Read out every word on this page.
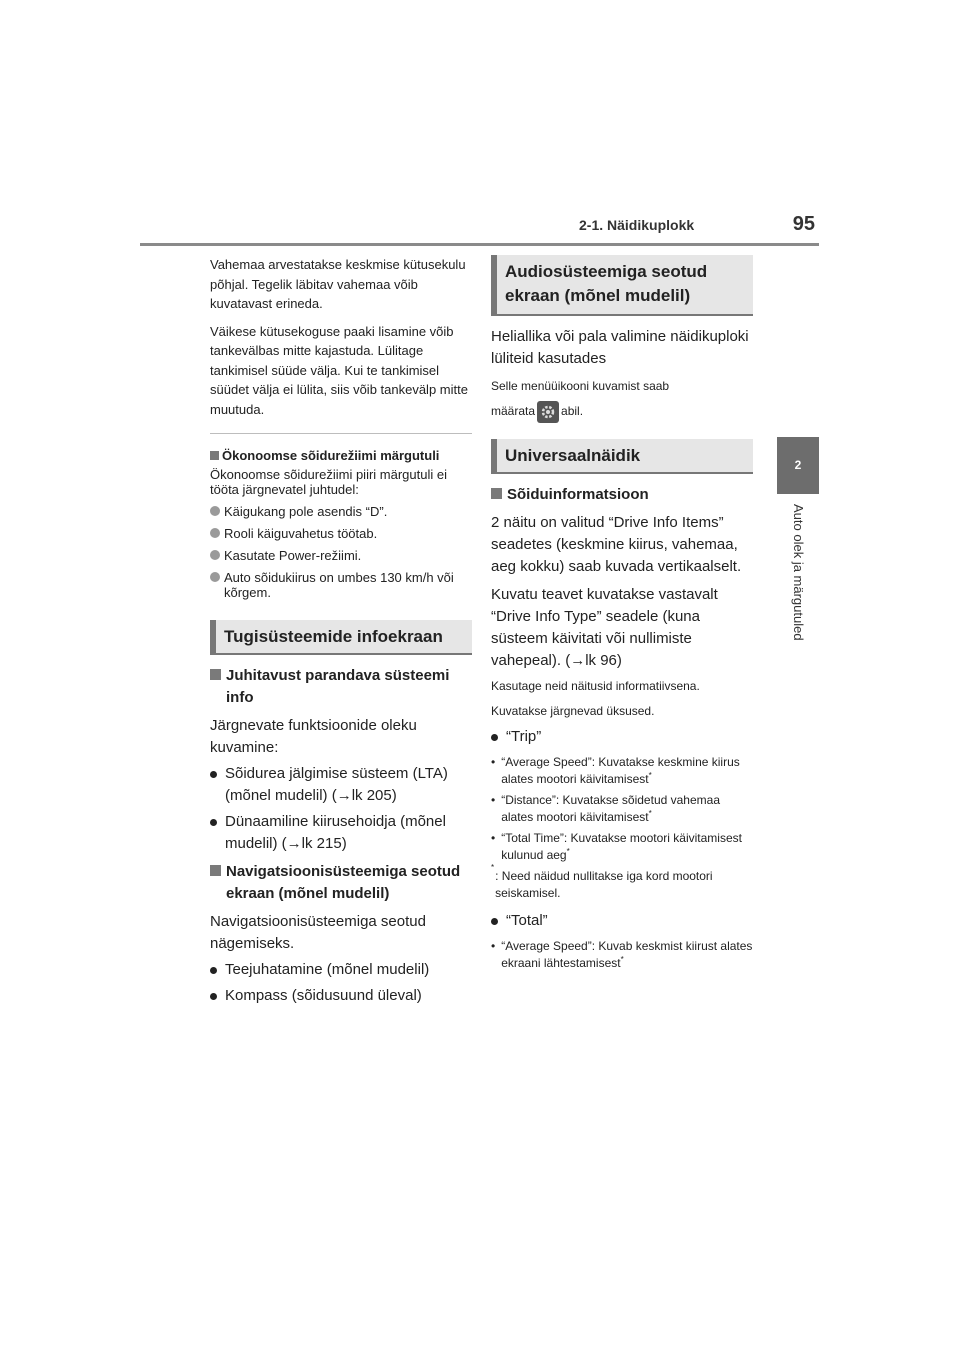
2-1. Näidikuplokk	95
2
Auto olek ja märgutuled

Vahemaa arvestatakse keskmise kütusekulu põhjal. Tegelik läbitav vahemaa võib kuvatavast erineda.

Väikese kütusekoguse paaki lisamine võib tankevälbas mitte kajastuda. Lülitage tankimisel süüde välja. Kui te tankimisel süüdet välja ei lülita, siis võib tankevälp mitte muutuda.

Ökonoomse sõidurežiimi märgutuli

Ökonoomse sõidurežiimi piiri märgutuli ei tööta järgnevatel juhtudel:

Käigukang pole asendis “D”.
Rooli käiguvahetus töötab.
Kasutate Power-režiimi.
Auto sõidukiirus on umbes 130 km/h või kõrgem.
Tugisüsteemide infoekraan
Juhitavust parandava süsteemi info

Järgnevate funktsioonide oleku kuvamine:

Sõidurea jälgimise süsteem (LTA) (mõnel mudelil) (→lk 205)
Dünaamiline kiirusehoidja (mõnel mudelil) (→lk 215)
Navigatsioonisüsteemiga seotud ekraan (mõnel mudelil)

Navigatsioonisüsteemiga seotud nägemiseks.

Teejuhatamine (mõnel mudelil)
Kompass (sõidusuund üleval)
Audiosüsteemiga seotud ekraan (mõnel mudelil)

Heliallika või pala valimine näidikuploki lüliteid kasutades

Selle menüüikooni kuvamist saab
määrata abil.

Universaalnäidik
Sõiduinformatsioon

2 näitu on valitud “Drive Info Items” seadetes (keskmine kiirus, vahemaa, aeg kokku) saab kuvada vertikaalselt.

Kuvatu teavet kuvatakse vastavalt “Drive Info Type” seadele (kuna süsteem käivitati või nullimiste vahepeal). (→lk 96)

Kasutage neid näitusid informatiivsena.

Kuvatakse järgnevad üksused.

“Trip”
• “Average Speed”: Kuvatakse keskmine kiirus alates mootori käivitamisest*
• “Distance”: Kuvatakse sõidetud vahemaa alates mootori käivitamisest*
• “Total Time”: Kuvatakse mootori käivitamisest kulunud aeg*

*
: Need näidud nullitakse iga kord mootori seiskamisel.

“Total”
• “Average Speed”: Kuvab keskmist kiirust alates ekraani lähtestamisest*
